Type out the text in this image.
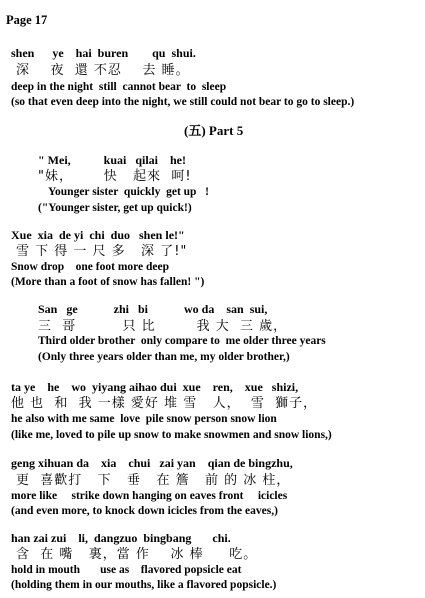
Page 17
shen      ye    hai  buren        qu  shui.
深    夜  還 不忍    去 睡。
deep in the night  still  cannot bear  to  sleep
(so that even deep into the night, we still could not bear to go to sleep.)
(五) Part 5
" Mei,           kuai   qilai    he!
"妹，      快   起來  呵!
Younger sister  quickly  get up   !
("Younger sister, get up quick!)
Xue  xia  de yi  chi  duo   shen le!"
雪 下 得 一 尺 多   深 了!"
Snow drop    one foot more deep
(More than a foot of snow has fallen! ")
San   ge            zhi   bi            wo da    san  sui,
三  哥         只 比        我 大  三 歲，
Third older brother  only compare to  me older three years
(Only three years older than me, my older brother,)
ta ye    he    wo  yiyang aihao dui  xue    ren,    xue   shizi,
他 也  和  我 一樣 愛好 堆 雪   人，  雪  獅子，
he also with me same  love  pile snow person snow lion
(like me, loved to pile up snow to make snowmen and snow lions,)
geng xihuan da    xia    chui   zai yan    qian de bingzhu,
更  喜歡打   下   垂   在 簷   前 的 冰 柱，
more like     strike down hanging on eaves front     icicles
(and even more, to knock down icicles from the eaves,)
han zai zui    li,  dangzuo  bingbang       chi.
含  在 嘴   裏，當 作    冰 棒     吃。
hold in mouth       use as    flavored popsicle eat
(holding them in our mouths, like a flavored popsicle.)
